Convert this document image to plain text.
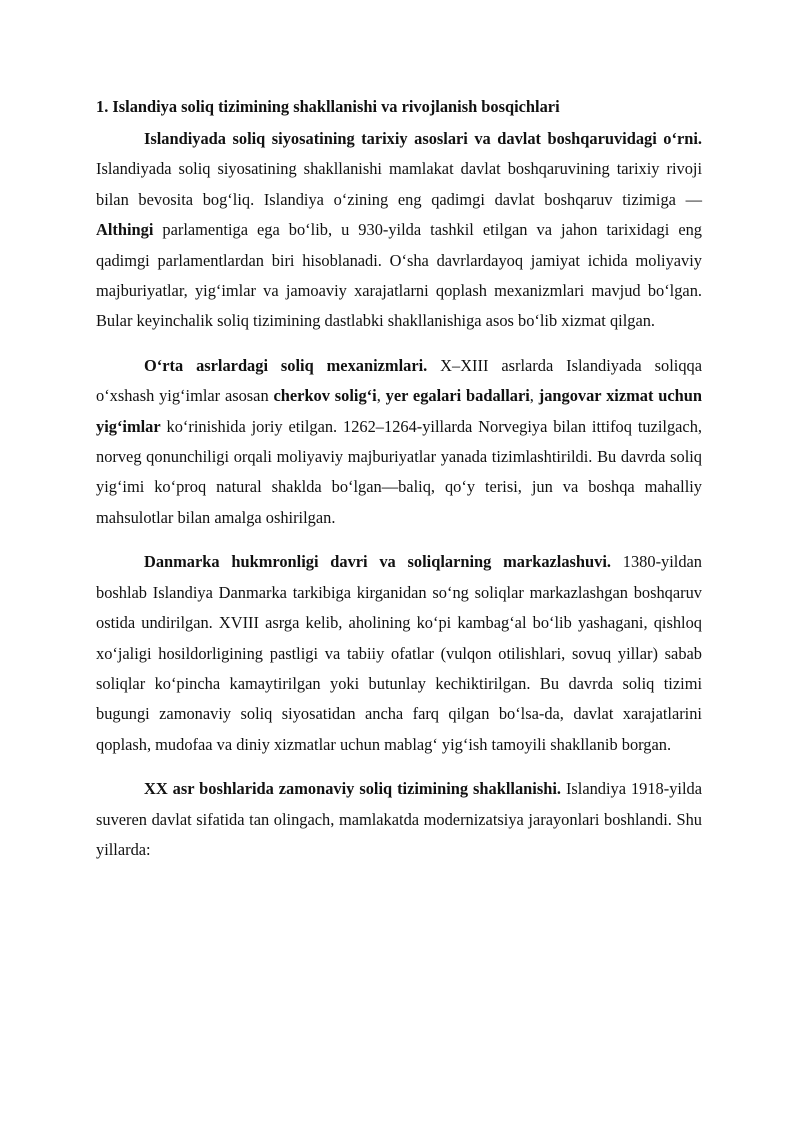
1. Islandiya soliq tizimining shakllanishi va rivojlanish bosqichlari

Islandiyada soliq siyosatining tarixiy asoslari va davlat boshqaruvidagi o‘rni. Islandiyada soliq siyosatining shakllanishi mamlakat davlat boshqaruvining tarixiy rivoji bilan bevosita bog‘liq. Islandiya o‘zining eng qadimgi davlat boshqaruv tizimiga — Althingi parlamentiga ega bo‘lib, u 930-yilda tashkil etilgan va jahon tarixidagi eng qadimgi parlamentlardan biri hisoblanadi. O‘sha davrlardayoq jamiyat ichida moliyaviy majburiyatlar, yig‘imlar va jamoaviy xarajatlarni qoplash mexanizmlari mavjud bo‘lgan. Bular keyinchalik soliq tizimining dastlabki shakllanishiga asos bo‘lib xizmat qilgan.

O‘rta asrlardagi soliq mexanizmlari. X–XIII asrlarda Islandiyada soliqqa o‘xshash yig‘imlar asosan cherkov solig‘i, yer egalari badallari, jangovar xizmat uchun yig‘imlar ko‘rinishida joriy etilgan. 1262–1264-yillarda Norvegiya bilan ittifoq tuzilgach, norveg qonunchiligi orqali moliyaviy majburiyatlar yanada tizimlashtirildi. Bu davrda soliq yig‘imi ko‘proq natural shaklda bo‘lgan—baliq, qo‘y terisi, jun va boshqa mahalliy mahsulotlar bilan amalga oshirilgan.

Danmarka hukmronligi davri va soliqlarning markazlashuvi. 1380-yildan boshlab Islandiya Danmarka tarkibiga kirganidan so‘ng soliqlar markazlashgan boshqaruv ostida undirilgan. XVIII asrga kelib, aholining ko‘pi kambag‘al bo‘lib yashagani, qishloq xo‘jaligi hosildorligining pastligi va tabiiy ofatlar (vulqon otilishlari, sovuq yillar) sabab soliqlar ko‘pincha kamaytirilgan yoki butunlay kechiktirilgan. Bu davrda soliq tizimi bugungi zamonaviy soliq siyosatidan ancha farq qilgan bo‘lsa-da, davlat xarajatlarini qoplash, mudofaa va diniy xizmatlar uchun mablag‘ yig‘ish tamoyili shakllanib borgan.

XX asr boshlarida zamonaviy soliq tizimining shakllanishi. Islandiya 1918-yilda suveren davlat sifatida tan olingach, mamlakatda modernizatsiya jarayonlari boshlandi. Shu yillarda:
